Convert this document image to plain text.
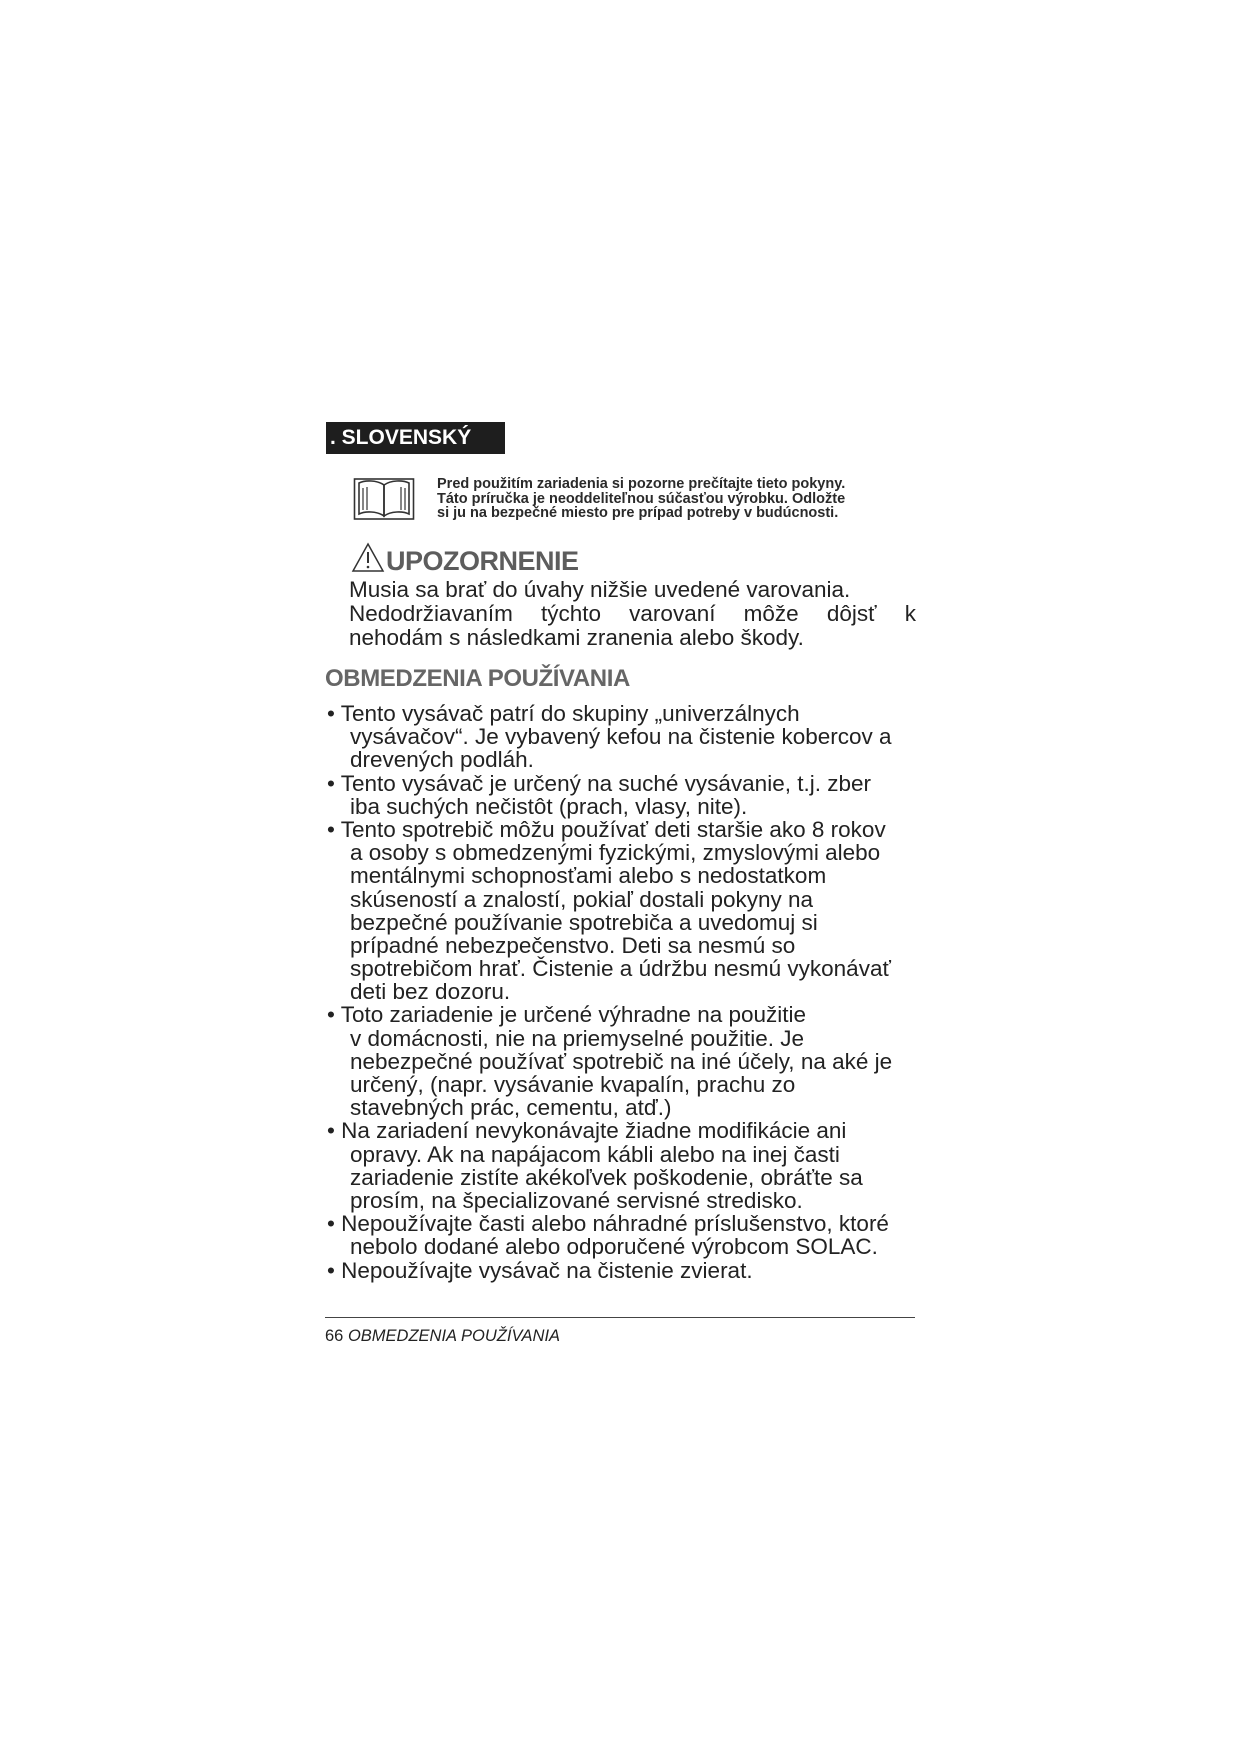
. SLOVENSKÝ

Pred použitím zariadenia si pozorne prečítajte tieto pokyny.

Táto príručka je neoddeliteľnou súčasťou výrobku. Odložte

si ju na bezpečné miesto pre prípad potreby v budúcnosti.

UPOZORNENIE

Musia sa brať do úvahy nižšie uvedené varovania.

Nedodržiavaním týchto varovaní môže dôjsť k

nehodám s následkami zranenia alebo škody.

OBMEDZENIA POUŽÍVANIA

• Tento vysávač patrí do skupiny „univerzálnych

vysávačov“. Je vybavený kefou na čistenie kobercov a

drevených podláh.

• Tento vysávač je určený na suché vysávanie, t.j. zber

iba suchých nečistôt (prach, vlasy, nite).

• Tento spotrebič môžu používať deti staršie ako 8 rokov

a osoby s obmedzenými fyzickými, zmyslovými alebo

mentálnymi schopnosťami alebo s nedostatkom

skúseností a znalostí, pokiaľ dostali pokyny na

bezpečné používanie spotrebiča a uvedomuj si

prípadné nebezpečenstvo. Deti sa nesmú so

spotrebičom hrať. Čistenie a údržbu nesmú vykonávať

deti bez dozoru.

• Toto zariadenie je určené výhradne na použitie

v domácnosti, nie na priemyselné použitie. Je

nebezpečné používať spotrebič na iné účely, na aké je

určený, (napr. vysávanie kvapalín, prachu zo

stavebných prác, cementu, atď.)

• Na zariadení nevykonávajte žiadne modifikácie ani

opravy. Ak na napájacom kábli alebo na inej časti

zariadenie zistíte akékoľvek poškodenie, obráťte sa

prosím, na špecializované servisné stredisko.

• Nepoužívajte časti alebo náhradné príslušenstvo, ktoré

nebolo dodané alebo odporučené výrobcom SOLAC.

• Nepoužívajte vysávač na čistenie zvierat.

66 OBMEDZENIA POUŽÍVANIA
